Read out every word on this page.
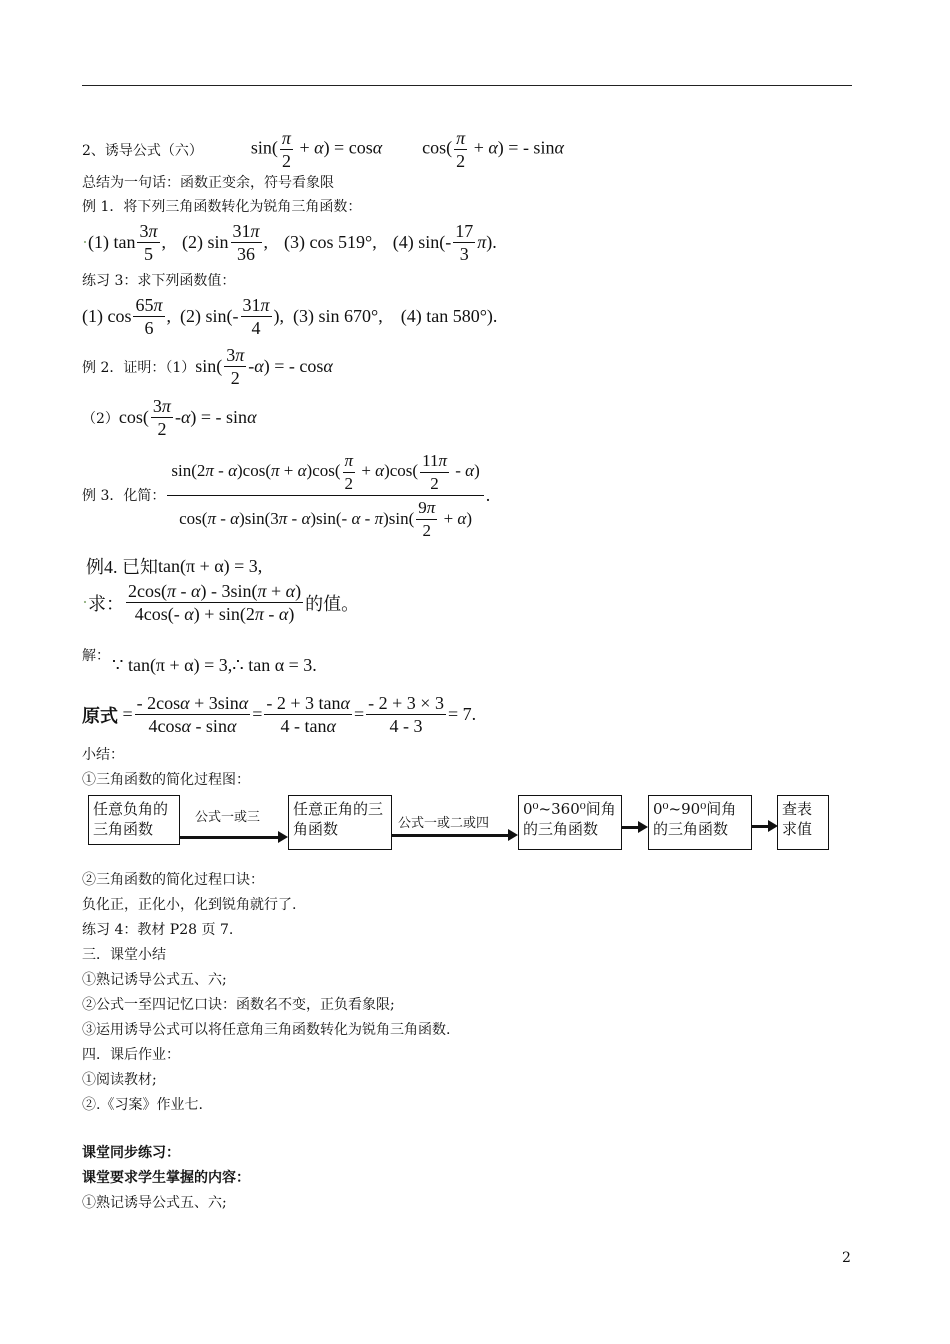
2、诱导公式（六）	$\sin( \frac{\pi}{2} + \alpha) = \cos\alpha$ $\cos( \frac{\pi}{2} + \alpha)$ = - sinα
总结为一句话：函数正变余，符号看象限
例 1．将下列三角函数转化为锐角三角函数：
· (1) $\tan \frac{3\pi}{5}$ ,
(2) $\sin \frac{31\pi}{36}$ ,
(3) cos 519°,
(4) $\sin(- \frac{17}{3}$ π ).
练习 3：求下列函数值：
(1) $\cos \frac{65\pi}{6}$ ,  (2) $\sin(- \frac{31\pi}{4}$ ),  (3) sin 670°,    (4) tan 580°).
例 2．证明：（1） $\sin( \frac{3\pi}{2}$ - α ) = - cos α
（2） $\cos( \frac{3\pi}{2}$ - α ) = - sin α
例 3．化简： $\frac{\sin(2\pi - \alpha)\cos(\pi + \alpha)\cos( \frac{\pi}{2} + \alpha)\cos( \frac{11\pi}{2} - \alpha)}{\cos(\pi - \alpha)\sin(3\pi - \alpha)\sin(- \alpha - \pi)\sin( \frac{9\pi}{2} + \alpha)}$ .
例4. 已知 tan(π + α) = 3,
· 求： $\frac{2\cos(\pi - \alpha) - 3\sin(\pi + \alpha)}{4\cos(- \alpha) + \sin(2\pi - \alpha)}$ 的值。
解： ∵ tan(π + α) = 3,∴ tan α = 3.
原式 = $\frac{- 2\cos\alpha + 3\sin\alpha}{4\cos\alpha - \sin\alpha} = \frac{- 2 + 3 \tan\alpha}{4 - \tan\alpha} = \frac{- 2 + 3 \times 3}{4 - 3} = 7$.
小结：
①三角函数的简化过程图：
任意负角的三角函数
公式一或三	任意正角的三角函数	公式一或二或四
0⁰~360⁰间角的三角函数
0⁰~90⁰间角的三角函数
查表求值
②三角函数的简化过程口诀：
负化正，正化小，化到锐角就行了.
练习 4：教材 P28 页 7.
三．课堂小结
①熟记诱导公式五、六;
②公式一至四记忆口诀：函数名不变，正负看象限;
③运用诱导公式可以将任意角三角函数转化为锐角三角函数.
四．课后作业：
①阅读教材;
②.《习案》作业七.
课堂同步练习：
课堂要求学生掌握的内容：
①熟记诱导公式五、六;
2
